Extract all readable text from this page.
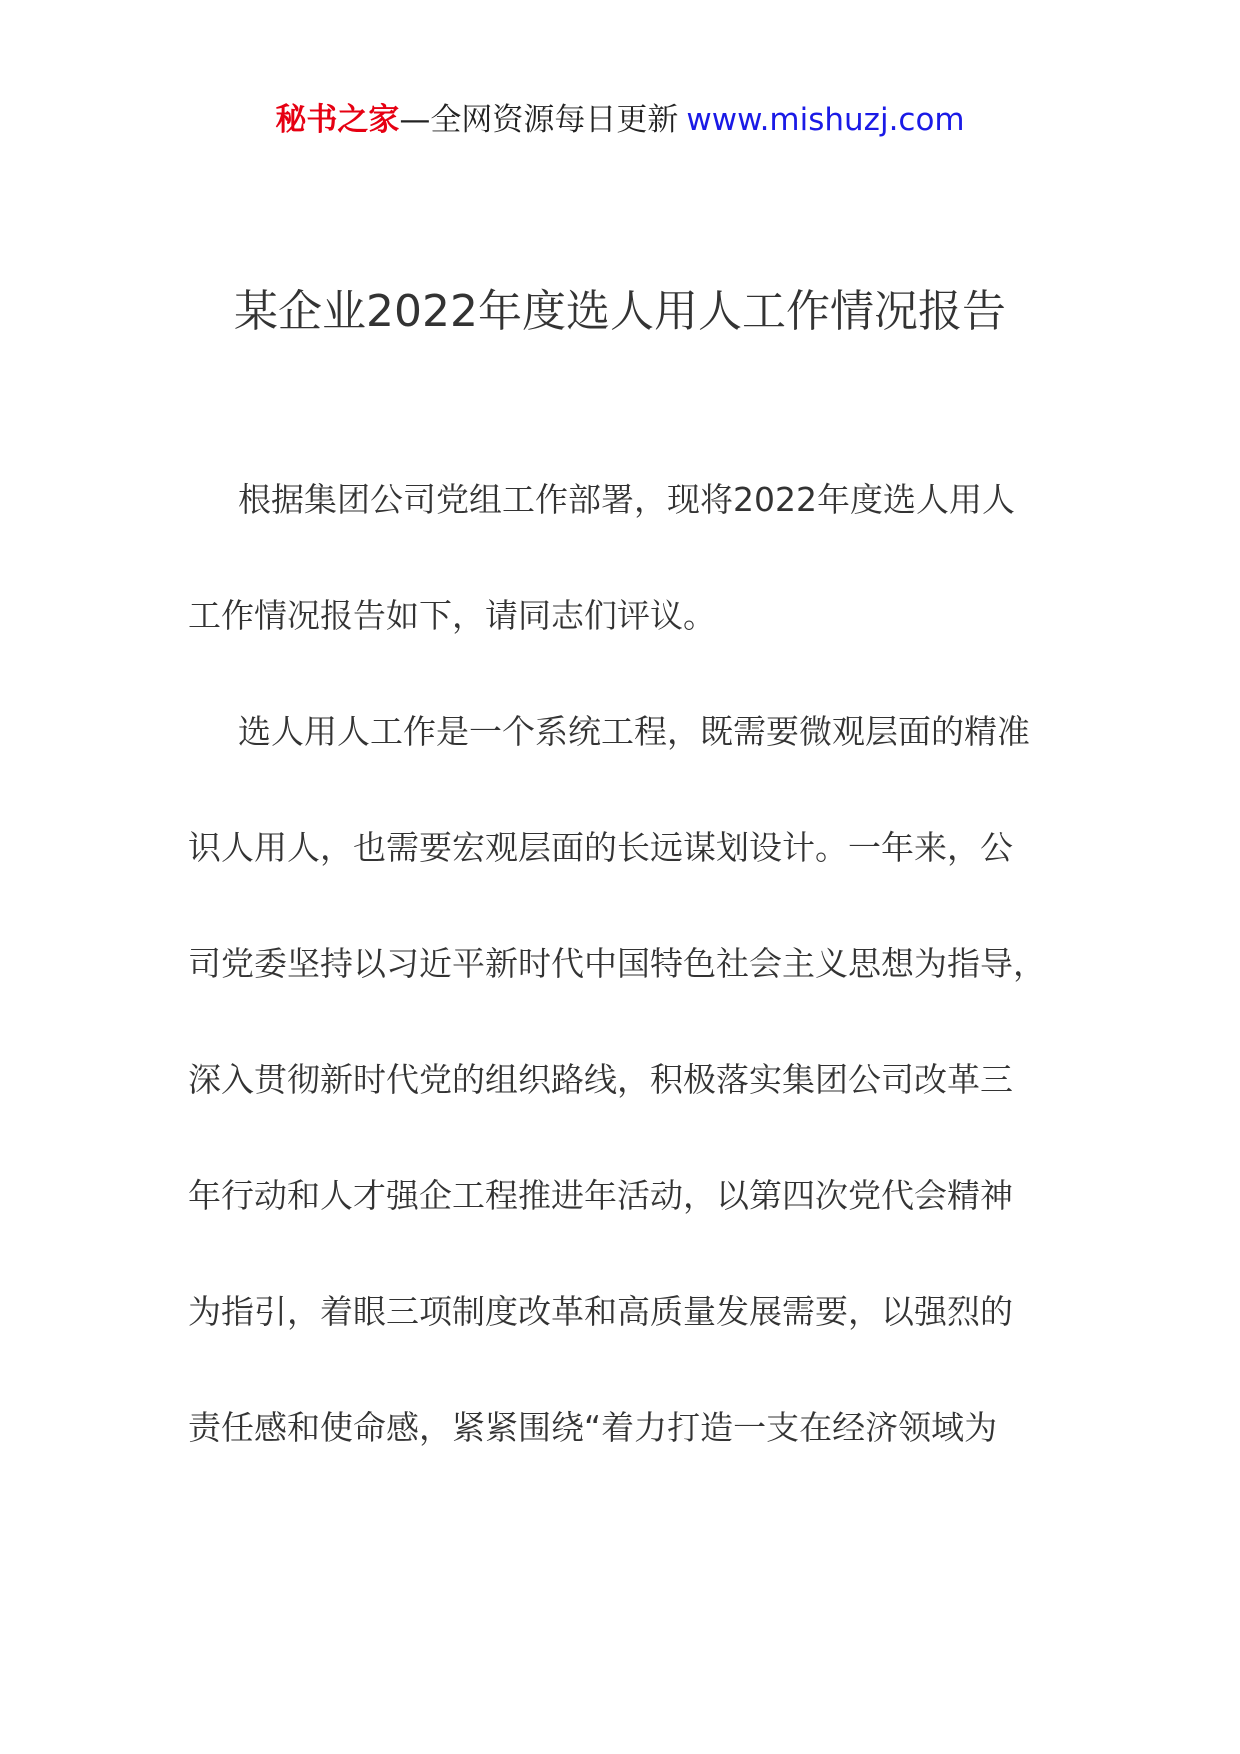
秘书之家—全网资源每日更新 www.mishuzj.com
某企业2022年度选人用人工作情况报告
根据集团公司党组工作部署，现将2022年度选人用人
工作情况报告如下，请同志们评议。
选人用人工作是一个系统工程，既需要微观层面的精准
识人用人，也需要宏观层面的长远谋划设计。一年来，公
司党委坚持以习近平新时代中国特色社会主义思想为指导，
深入贯彻新时代党的组织路线，积极落实集团公司改革三
年行动和人才强企工程推进年活动，以第四次党代会精神
为指引，着眼三项制度改革和高质量发展需要，以强烈的
责任感和使命感，紧紧围绕“着力打造一支在经济领域为
